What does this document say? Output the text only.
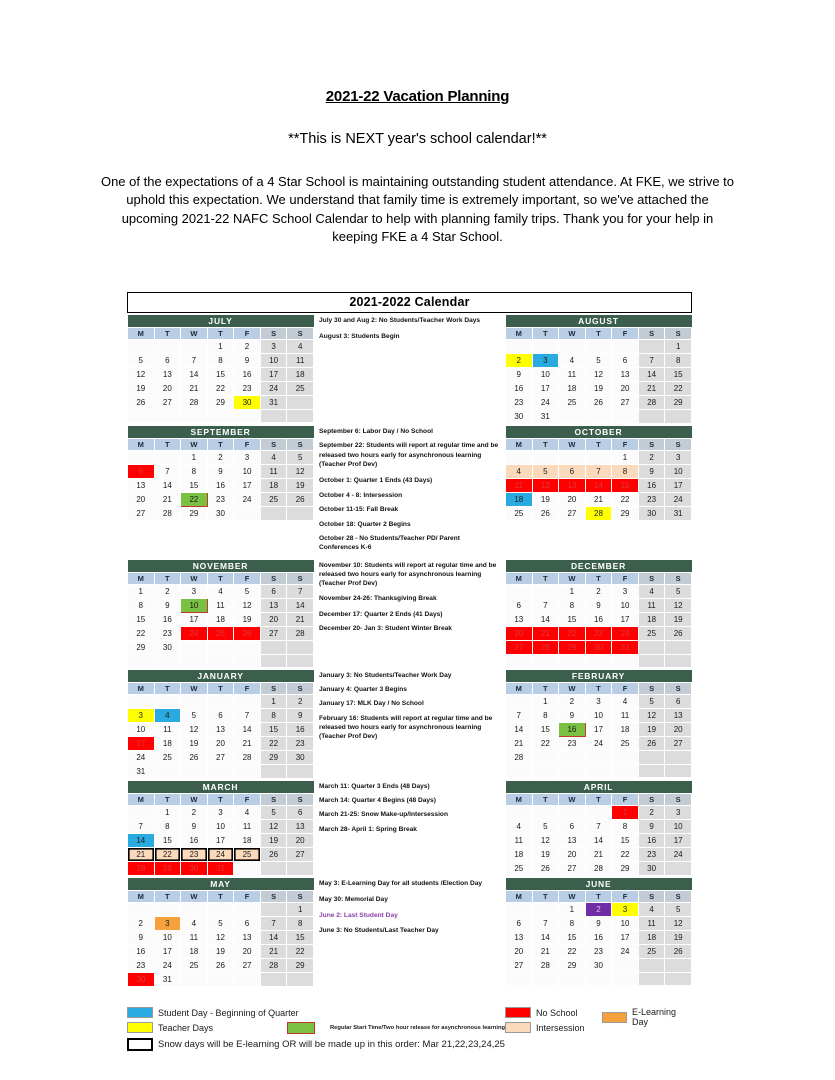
2021-22 Vacation Planning
**This is NEXT year's school calendar!**

One of the expectations of a 4 Star School is maintaining outstanding student attendance. At FKE, we strive to uphold this expectation. We understand that family time is extremely important, so we've attached the upcoming 2021-22 NAFC School Calendar to help with planning family trips. Thank you for your help in keeping FKE a 4 Star School.

2021-2022 Calendar
JULY						
M	T	W	T	F	S	S
			1	2	3	4
5	6	7	8	9	10	11
12	13	14	15	16	17	18
19	20	21	22	23	24	25
26	27	28	29	30	31	

July 30 and Aug 2: No Students/Teacher Work Days

August 3: Students Begin

AUGUST						
M	T	W	T	F	S	S
						1
2	3	4	5	6	7	8
9	10	11	12	13	14	15
16	17	18	19	20	21	22
23	24	25	26	27	28	29
30	31					
SEPTEMBER						
M	T	W	T	F	S	S
		1	2	3	4	5
6	7	8	9	10	11	12
13	14	15	16	17	18	19
20	21	22	23	24	25	26
27	28	29	30			

September 6: Labor Day / No School

September 22: Students will report at regular time and be released two hours early for asynchronous learning (Teacher Prof Dev)

October 1: Quarter 1 Ends (43 Days)

October 4 - 8: Intersession

October 11-15: Fall Break

October 18: Quarter 2 Begins

October 28 - No Students/Teacher PD/ Parent Conferences K-6

OCTOBER						
M	T	W	T	F	S	S
				1	2	3
4	5	6	7	8	9	10
11	12	13	14	15	16	17
18	19	20	21	22	23	24
25	26	27	28	29	30	31
NOVEMBER						
M	T	W	T	F	S	S
1	2	3	4	5	6	7
8	9	10	11	12	13	14
15	16	17	18	19	20	21
22	23	24	25	26	27	28
29	30					

November 10: Students will report at regular time and be released two hours early for asynchronous learning (Teacher Prof Dev)

November 24-26: Thanksgiving Break

December 17: Quarter 2 Ends (41 Days)

December 20- Jan 3: Student Winter Break

DECEMBER						
M	T	W	T	F	S	S
		1	2	3	4	5
6	7	8	9	10	11	12
13	14	15	16	17	18	19
20	21	22	23	24	25	26
27	28	29	30	31		

JANUARY						
M	T	W	T	F	S	S
					1	2
3	4	5	6	7	8	9
10	11	12	13	14	15	16
17	18	19	20	21	22	23
24	25	26	27	28	29	30
31						

January 3: No Students/Teacher Work Day

January 4: Quarter 3 Begins

January 17: MLK Day / No School

February 16: Students will report at regular time and be released two hours early for asynchronous learning (Teacher Prof Dev)

FEBRUARY						
M	T	W	T	F	S	S
	1	2	3	4	5	6
7	8	9	10	11	12	13
14	15	16	17	18	19	20
21	22	23	24	25	26	27
28						

MARCH						
M	T	W	T	F	S	S
	1	2	3	4	5	6
7	8	9	10	11	12	13
14	15	16	17	18	19	20
21	22	23	24	25	26	27
28	29	30	31			

March 11: Quarter 3 Ends (48 Days)

March 14: Quarter 4 Begins (48 Days)

March 21-25: Snow Make-up/Intersession

March 28- April 1: Spring Break

APRIL						
M	T	W	T	F	S	S
				1	2	3
4	5	6	7	8	9	10
11	12	13	14	15	16	17
18	19	20	21	22	23	24
25	26	27	28	29	30	
MAY						
M	T	W	T	F	S	S
						1
2	3	4	5	6	7	8
9	10	11	12	13	14	15
16	17	18	19	20	21	22
23	24	25	26	27	28	29
30	31					

May 3: E-Learning Day for all students /Election Day

May 30: Memorial Day

June 2: Last Student Day

June 3: No Students/Last Teacher Day

JUNE						
M	T	W	T	F	S	S
		1	2	3	4	5
6	7	8	9	10	11	12
13	14	15	16	17	18	19
20	21	22	23	24	25	26
27	28	29	30			

Student Day - Beginning of Quarter
Teacher Days	Regular Start Time/Two hour release for asynchronous learning
No School	E-Learning Day
Intersession
Snow days will be E-learning OR will be made up in this order: Mar 21,22,23,24,25
